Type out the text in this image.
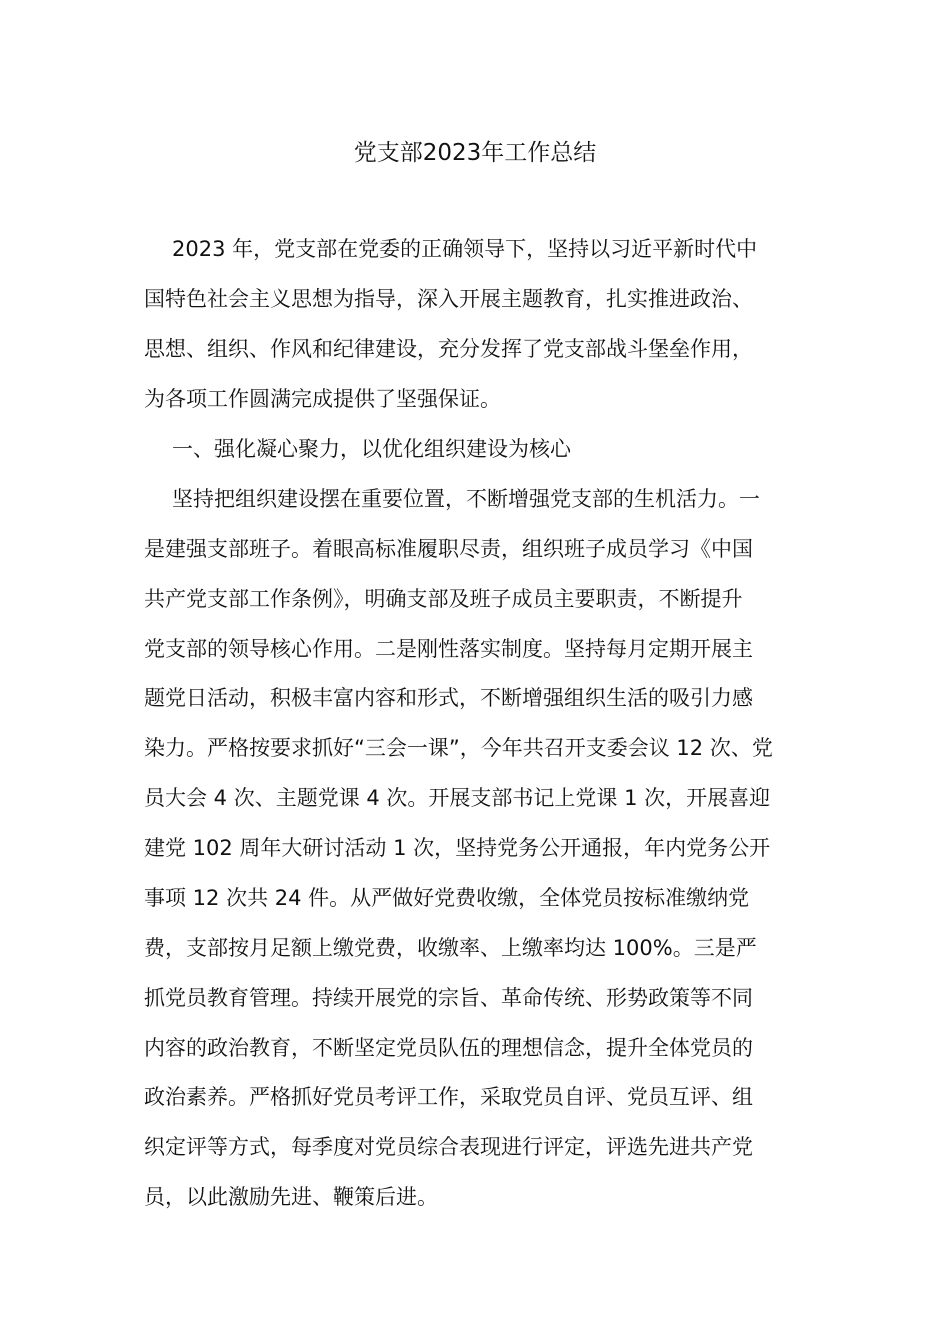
党支部2023年工作总结
2023 年，党支部在党委的正确领导下，坚持以习近平新时代中
国特色社会主义思想为指导，深入开展主题教育，扎实推进政治、
思想、组织、作风和纪律建设，充分发挥了党支部战斗堡垒作用，
为各项工作圆满完成提供了坚强保证。
一、强化凝心聚力，以优化组织建设为核心
坚持把组织建设摆在重要位置，不断增强党支部的生机活力。一
是建强支部班子。着眼高标准履职尽责，组织班子成员学习《中国
共产党支部工作条例》，明确支部及班子成员主要职责，不断提升
党支部的领导核心作用。二是刚性落实制度。坚持每月定期开展主
题党日活动，积极丰富内容和形式，不断增强组织生活的吸引力感
染力。严格按要求抓好“三会一课”，今年共召开支委会议 12 次、党
员大会 4 次、主题党课 4 次。开展支部书记上党课 1 次，开展喜迎
建党 102 周年大研讨活动 1 次，坚持党务公开通报，年内党务公开
事项 12 次共 24 件。从严做好党费收缴，全体党员按标准缴纳党
费，支部按月足额上缴党费，收缴率、上缴率均达 100%。三是严
抓党员教育管理。持续开展党的宗旨、革命传统、形势政策等不同
内容的政治教育，不断坚定党员队伍的理想信念，提升全体党员的
政治素养。严格抓好党员考评工作，采取党员自评、党员互评、组
织定评等方式，每季度对党员综合表现进行评定，评选先进共产党
员，以此激励先进、鞭策后进。
